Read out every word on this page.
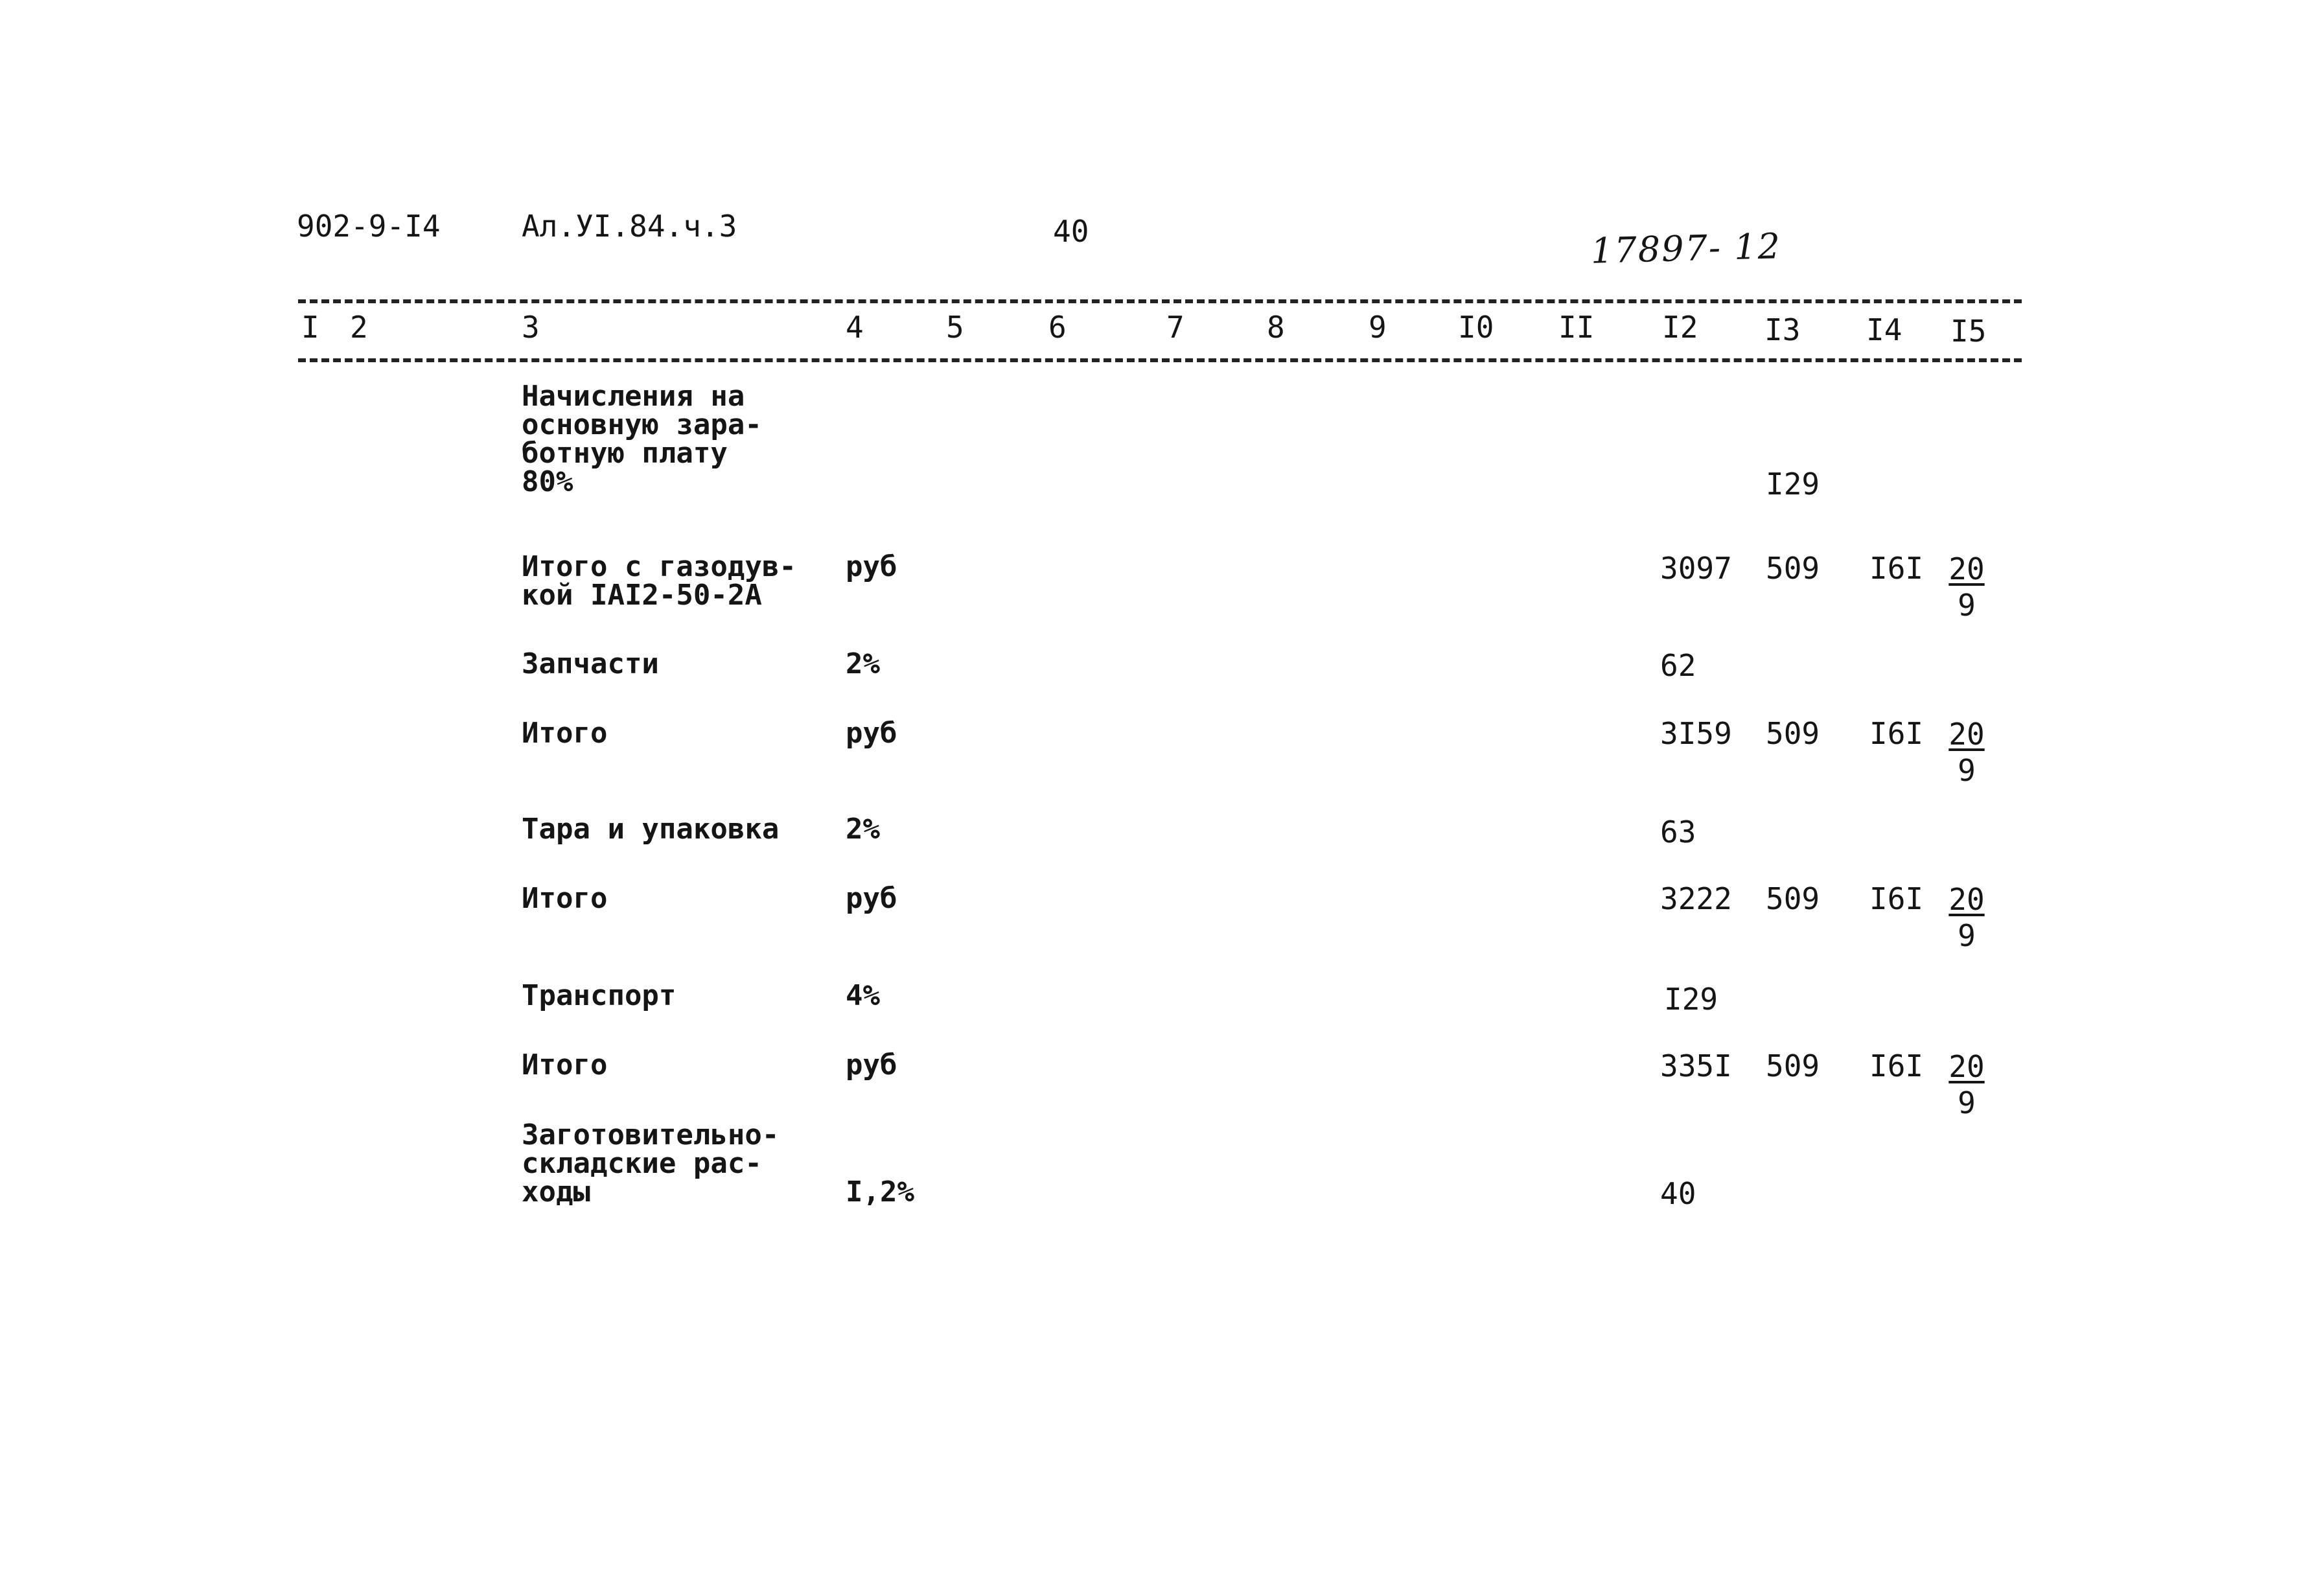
902-9-I4	Ал.УI.84.ч.3	40	17897- 12
I 2	3	4	5	6	7	8	9 I0 II I2 I3 I4 I5
Начисления на
основную зара-
ботную плату
80%	I29
Итого с газодув-
кой IAI2-50-2A
руб	3097 509 $I6I \frac{20}{9}$
Запчасти	2%	62
Итого	руб	3I59 509 $I6I \frac{20}{9}$
Тара и упаковка 2%	63
Итого	руб	3222 509 $I6I \frac{20}{9}$
Транспорт	4%	I29
Итого	руб	335I 509 $I6I \frac{20}{9}$
Заготовительно-
складские рас-
ходы	I,2%	40
